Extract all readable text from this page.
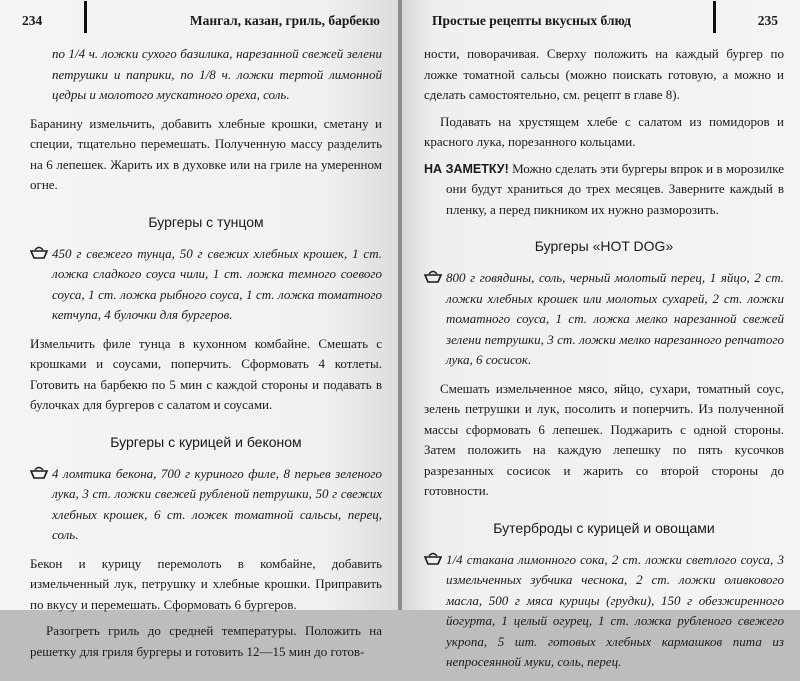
234	Мангал, казан, гриль, барбекю

по 1/4 ч. ложки сухого базилика, нарезанной свежей зелени петрушки и паприки, по 1/8 ч. ложки тертой лимонной цедры и молотого мускатного ореха, соль.

Баранину измельчить, добавить хлебные крошки, сметану и специи, тщательно перемешать. Полученную массу разделить на 6 лепешек. Жарить их в духовке или на гриле на умеренном огне.

Бургеры с тунцом

450 г свежего тунца, 50 г свежих хлебных крошек, 1 ст. ложка сладкого соуса чили, 1 ст. ложка темного соевого соуса, 1 ст. ложка рыбного соуса, 1 ст. ложка томатного кетчупа, 4 булочки для бургеров.

Измельчить филе тунца в кухонном комбайне. Смешать с крошками и соусами, поперчить. Сформовать 4 котлеты. Готовить на барбекю по 5 мин с каждой стороны и подавать в булочках для бургеров с салатом и соусами.

Бургеры с курицей и беконом

4 ломтика бекона, 700 г куриного филе, 8 перьев зеленого лука, 3 ст. ложки свежей рубленой петрушки, 50 г свежих хлебных крошек, 6 ст. ложек томатной сальсы, перец, соль.

Бекон и курицу перемолоть в комбайне, добавить измельченный лук, петрушку и хлебные крошки. Приправить по вкусу и перемешать. Сформовать 6 бургеров.

Разогреть гриль до средней температуры. Положить на решетку для гриля бургеры и готовить 12—15 мин до готов-

Простые рецепты вкусных блюд	235

ности, поворачивая. Сверху положить на каждый бургер по ложке томатной сальсы (можно поискать готовую, а можно и сделать самостоятельно, см. рецепт в главе 8).

Подавать на хрустящем хлебе с салатом из помидоров и красного лука, порезанного кольцами.

НА ЗАМЕТКУ! Можно сделать эти бургеры впрок и в морозилке они будут храниться до трех месяцев. Заверните каждый в пленку, а перед пикником их нужно разморозить.

Бургеры «HOT DOG»

800 г говядины, соль, черный молотый перец, 1 яйцо, 2 ст. ложки хлебных крошек или молотых сухарей, 2 ст. ложки томатного соуса, 1 ст. ложка мелко нарезанной свежей зелени петрушки, 3 ст. ложки мелко нарезанного репчатого лука, 6 сосисок.

Смешать измельченное мясо, яйцо, сухари, томатный соус, зелень петрушки и лук, посолить и поперчить. Из полученной массы сформовать 6 лепешек. Поджарить с одной стороны. Затем положить на каждую лепешку по пять кусочков разрезанных сосисок и жарить со второй стороны до готовности.

Бутерброды с курицей и овощами

1/4 стакана лимонного сока, 2 ст. ложки светлого соуса, 3 измельченных зубчика чеснока, 2 ст. ложки оливкового масла, 500 г мяса курицы (грудки), 150 г обезжиренного йогурта, 1 целый огурец, 1 ст. ложка рубленого свежего укропа, 5 шт. готовых хлебных кармашков пита из непросеянной муки, соль, перец.
